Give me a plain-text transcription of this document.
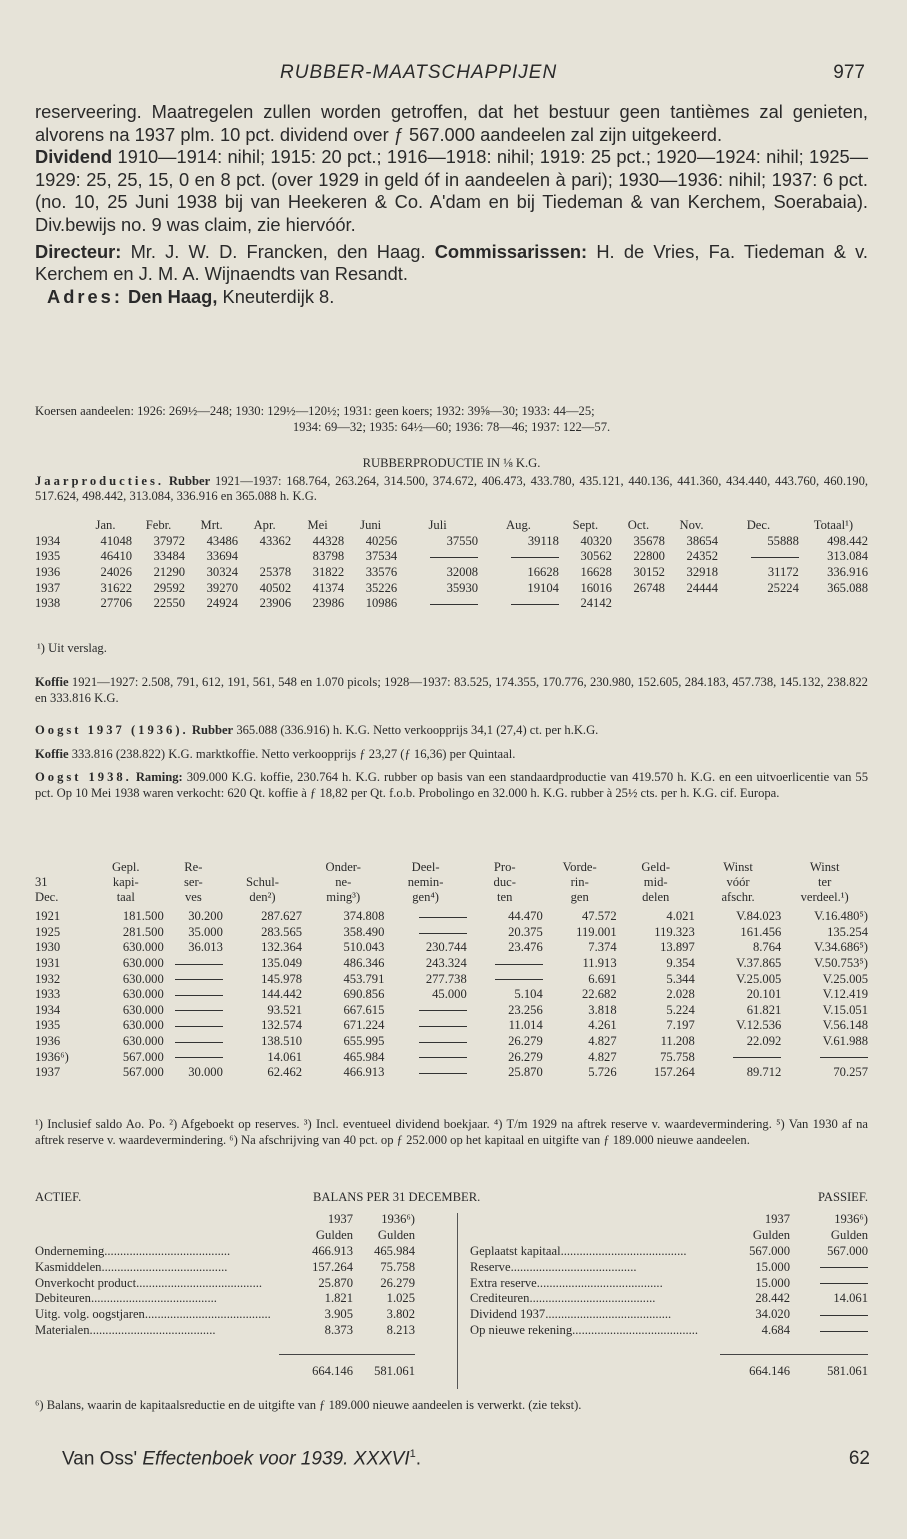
RUBBER-MAATSCHAPPIJEN	977

reserveering. Maatregelen zullen worden getroffen, dat het bestuur geen tantièmes zal genieten, alvorens na 1937 plm. 10 pct. dividend over ƒ 567.000 aandeelen zal zijn uitgekeerd.

Dividend 1910—1914: nihil; 1915: 20 pct.; 1916—1918: nihil; 1919: 25 pct.; 1920—1924: nihil; 1925—1929: 25, 25, 15, 0 en 8 pct. (over 1929 in geld óf in aandeelen à pari); 1930—1936: nihil; 1937: 6 pct. (no. 10, 25 Juni 1938 bij van Heekeren & Co. A'dam en bij Tiedeman & van Kerchem, Soerabaia). Div.bewijs no. 9 was claim, zie hiervóór.

Directeur: Mr. J. W. D. Francken, den Haag. Commissarissen: H. de Vries, Fa. Tiedeman & v. Kerchem en J. M. A. Wijnaendts van Resandt.

Adres: Den Haag, Kneuterdijk 8.

Koersen aandeelen: 1926: 269½—248; 1930: 129½—120½; 1931: geen koers; 1932: 39⅝—30; 1933: 44—25;
1934: 69—32; 1935: 64½—60; 1936: 78—46; 1937: 122—57.
RUBBERPRODUCTIE IN ⅛ K.G.
Jaarproducties. Rubber 1921—1937: 168.764, 263.264, 314.500, 374.672, 406.473, 433.780, 435.121, 440.136, 441.360, 434.440, 443.760, 460.190, 517.624, 498.442, 313.084, 336.916 en 365.088 h. K.G.
	Jan.	Febr.	Mrt.	Apr.	Mei	Juni	Juli	Aug.	Sept.	Oct.	Nov.	Dec.	Totaal¹)
1934	41048	37972	43486	43362	44328	40256	37550	39118	40320	35678	38654	55888	498.442
1935	46410	33484	33694		83798	37534			30562	22800	24352		313.084
1936	24026	21290	30324	25378	31822	33576	32008	16628	16628	30152	32918	31172	336.916
1937	31622	29592	39270	40502	41374	35226	35930	19104	16016	26748	24444	25224	365.088
1938	27706	22550	24924	23906	23986	10986			24142				
¹) Uit verslag.
Koffie 1921—1927: 2.508, 791, 612, 191, 561, 548 en 1.070 picols; 1928—1937: 83.525, 174.355, 170.776, 230.980, 152.605, 284.183, 457.738, 145.132, 238.822 en 333.816 K.G.
Oogst 1937 (1936). Rubber 365.088 (336.916) h. K.G. Netto verkoopprijs 34,1 (27,4) ct. per h.K.G.
Koffie 333.816 (238.822) K.G. marktkoffie. Netto verkoopprijs ƒ 23,27 (ƒ 16,36) per Quintaal.
Oogst 1938. Raming: 309.000 K.G. koffie, 230.764 h. K.G. rubber op basis van een standaardproductie van 419.570 h. K.G. en een uitvoerlicentie van 55 pct. Op 10 Mei 1938 waren verkocht: 620 Qt. koffie à ƒ 18,82 per Qt. f.o.b. Probolingo en 32.000 h. K.G. rubber à 25½ cts. per h. K.G. cif. Europa.
31
Dec.	Gepl.
kapi-
taal	Re-
ser-
ves	Schul-
den²)	Onder-
ne-
ming³)	Deel-
nemin-
gen⁴)	Pro-
duc-
ten	Vorde-
rin-
gen	Geld-
mid-
delen	Winst
vóór
afschr.	Winst
ter
verdeel.¹)
1921	181.500	30.200	287.627	374.808		44.470	47.572	4.021	V.84.023	V.16.480⁵)
1925	281.500	35.000	283.565	358.490		20.375	119.001	119.323	161.456	135.254
1930	630.000	36.013	132.364	510.043	230.744	23.476	7.374	13.897	8.764	V.34.686⁵)
1931	630.000		135.049	486.346	243.324		11.913	9.354	V.37.865	V.50.753⁵)
1932	630.000		145.978	453.791	277.738		6.691	5.344	V.25.005	V.25.005
1933	630.000		144.442	690.856	45.000	5.104	22.682	2.028	20.101	V.12.419
1934	630.000		93.521	667.615		23.256	3.818	5.224	61.821	V.15.051
1935	630.000		132.574	671.224		11.014	4.261	7.197	V.12.536	V.56.148
1936	630.000		138.510	655.995		26.279	4.827	11.208	22.092	V.61.988
1936⁶)	567.000		14.061	465.984		26.279	4.827	75.758		
1937	567.000	30.000	62.462	466.913		25.870	5.726	157.264	89.712	70.257
¹) Inclusief saldo Ao. Po. ²) Afgeboekt op reserves. ³) Incl. eventueel dividend boekjaar. ⁴) T/m 1929 na aftrek reserve v. waardevermindering. ⁵) Van 1930 af na aftrek reserve v. waardevermindering. ⁶) Na afschrijving van 40 pct. op ƒ 252.000 op het kapitaal en uitgifte van ƒ 189.000 nieuwe aandeelen.
ACTIEF.	BALANS PER 31 DECEMBER.	PASSIEF.
	1937	1936⁶)
	Gulden	Gulden
Onderneming........................................	466.913	465.984
Kasmiddelen........................................	157.264	75.758
Onverkocht product........................................	25.870	26.279
Debiteuren........................................	1.821	1.025
Uitg. volg. oogstjaren........................................	3.905	3.802
Materialen........................................	8.373	8.213

	664.146	581.061
	1937	1936⁶)
	Gulden	Gulden
Geplaatst kapitaal........................................	567.000	567.000
Reserve........................................	15.000	
Extra reserve........................................	15.000	
Crediteuren........................................	28.442	14.061
Dividend 1937........................................	34.020	
Op nieuwe rekening........................................	4.684	

	664.146	581.061
⁶) Balans, waarin de kapitaalsreductie en de uitgifte van ƒ 189.000 nieuwe aandeelen is verwerkt. (zie tekst).
Van Oss' Effectenboek voor 1939. XXXVI$^1$.	62
